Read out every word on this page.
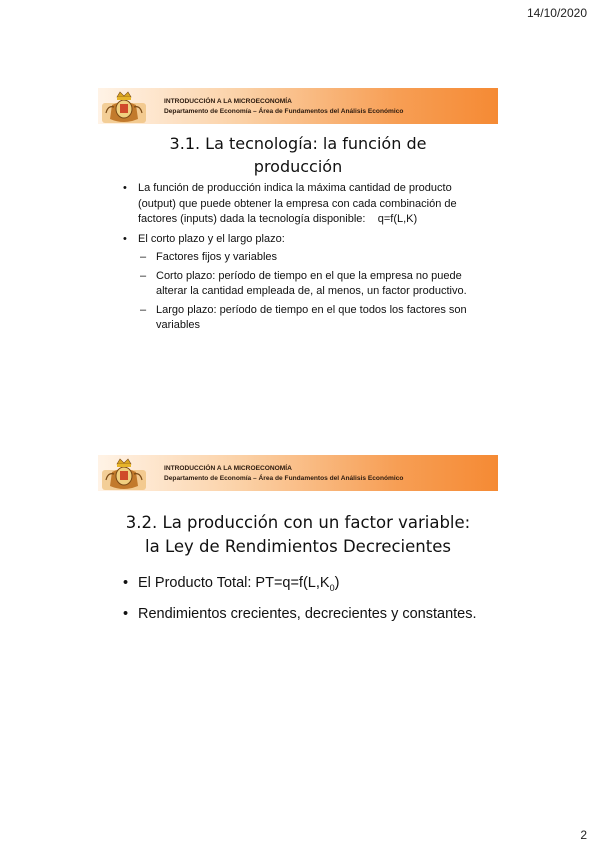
14/10/2020
INTRODUCCIÓN A LA MICROECONOMÍA
Departamento de Economía – Área de Fundamentos del Análisis Económico
3.1. La tecnología: la función de
producción
• La función de producción indica la máxima cantidad de producto (output) que puede obtener la empresa con cada combinación de factores (inputs) dada la tecnología disponible: q=f(L,K)
• El corto plazo y el largo plazo:
– Factores fijos y variables
– Corto plazo: período de tiempo en el que la empresa no puede alterar la cantidad empleada de, al menos, un factor productivo.
– Largo plazo: período de tiempo en el que todos los factores son variables
INTRODUCCIÓN A LA MICROECONOMÍA
Departamento de Economía – Área de Fundamentos del Análisis Económico
3.2. La producción con un factor variable:
la Ley de Rendimientos Decrecientes
• El Producto Total: $PT=q=f(L,K_0)$
• Rendimientos crecientes, decrecientes y constantes.
2
